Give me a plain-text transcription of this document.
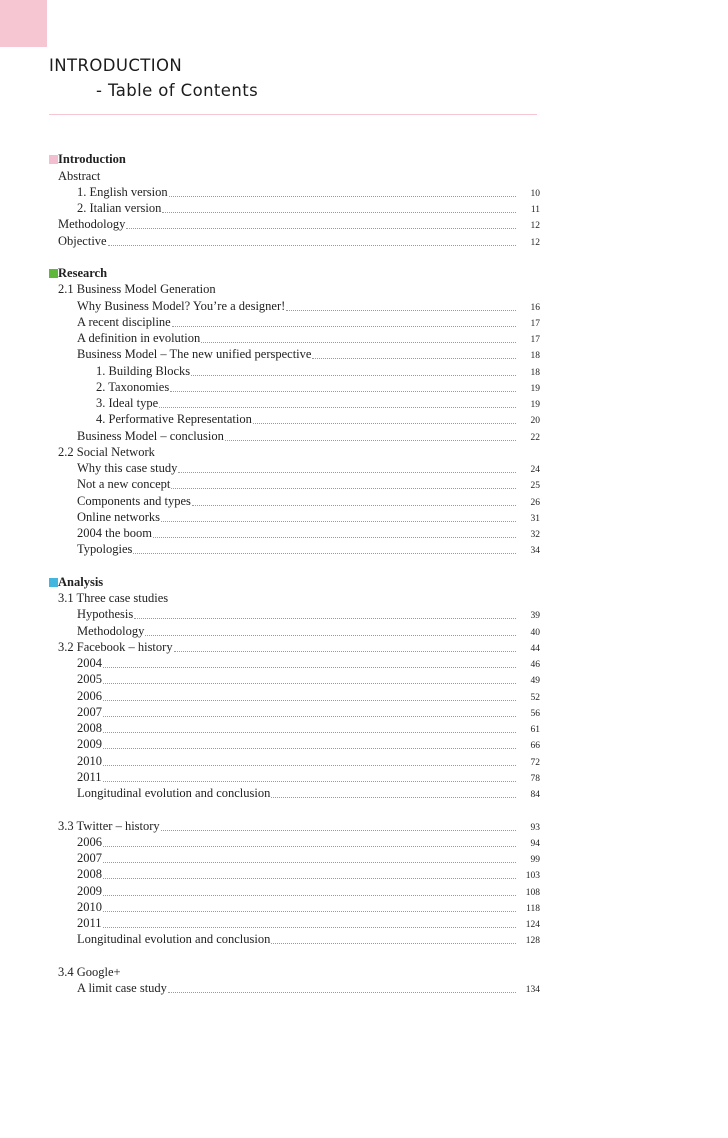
INTRODUCTION
- Table of Contents
Introduction
Abstract
1. English version	10
2. Italian version	11
Methodology	12
Objective	12
Research
2.1 Business Model Generation
Why Business Model? You’re a designer!	16
A recent discipline	17
A definition in evolution	17
Business Model – The new unified perspective	18
1. Building Blocks	18
2. Taxonomies	19
3. Ideal type	19
4. Performative Representation	20
Business Model – conclusion	22
2.2 Social Network
Why this case study	24
Not a new concept	25
Components and types	26
Online networks	31
2004 the boom	32
Typologies	34
Analysis
3.1 Three case studies
Hypothesis	39
Methodology	40
3.2 Facebook – history	44
2004	46
2005	49
2006	52
2007	56
2008	61
2009	66
2010	72
2011	78
Longitudinal evolution and conclusion	84
3.3 Twitter – history	93
2006	94
2007	99
2008	103
2009	108
2010	118
2011	124
Longitudinal evolution and conclusion	128
3.4 Google+
A limit case study	134
